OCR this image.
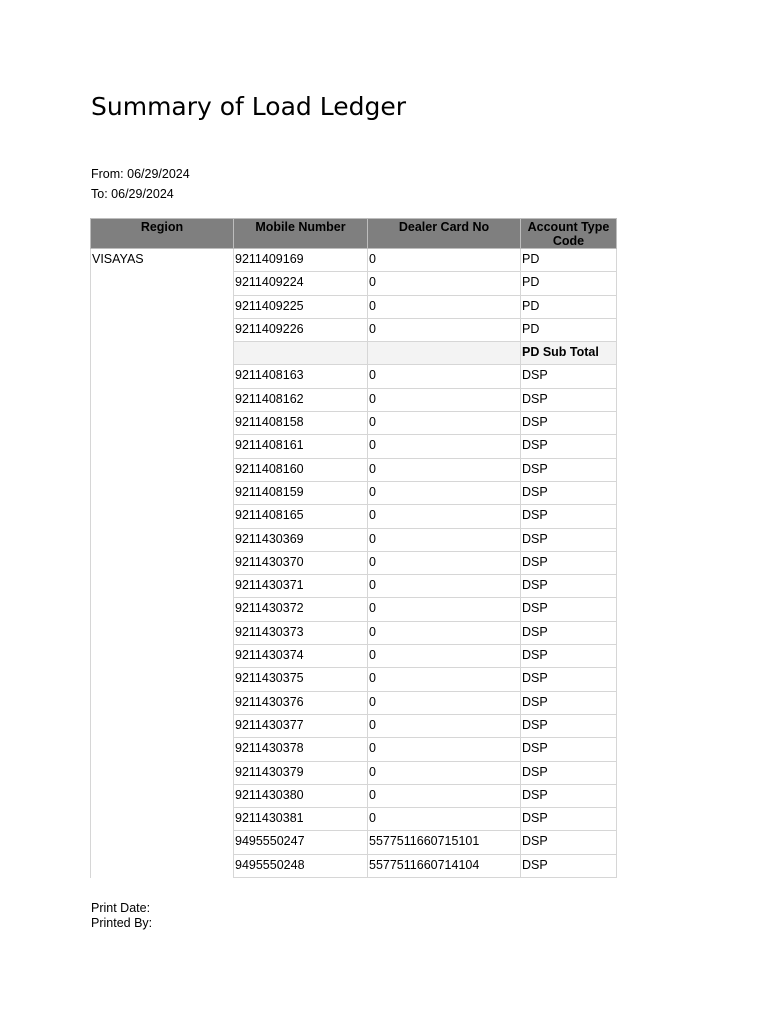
Summary of Load Ledger
From: 06/29/2024
To: 06/29/2024
Region	Mobile Number	Dealer Card No	Account Type Code

VISAYAS	9211409169	0	PD
	9211409224	0	PD
	9211409225	0	PD
	9211409226	0	PD
			PD Sub Total
	9211408163	0	DSP
	9211408162	0	DSP
	9211408158	0	DSP
	9211408161	0	DSP
	9211408160	0	DSP
	9211408159	0	DSP
	9211408165	0	DSP
	9211430369	0	DSP
	9211430370	0	DSP
	9211430371	0	DSP
	9211430372	0	DSP
	9211430373	0	DSP
	9211430374	0	DSP
	9211430375	0	DSP
	9211430376	0	DSP
	9211430377	0	DSP
	9211430378	0	DSP
	9211430379	0	DSP
	9211430380	0	DSP
	9211430381	0	DSP
	9495550247	5577511660715101	DSP
	9495550248	5577511660714104	DSP
Print Date:
Printed By:
